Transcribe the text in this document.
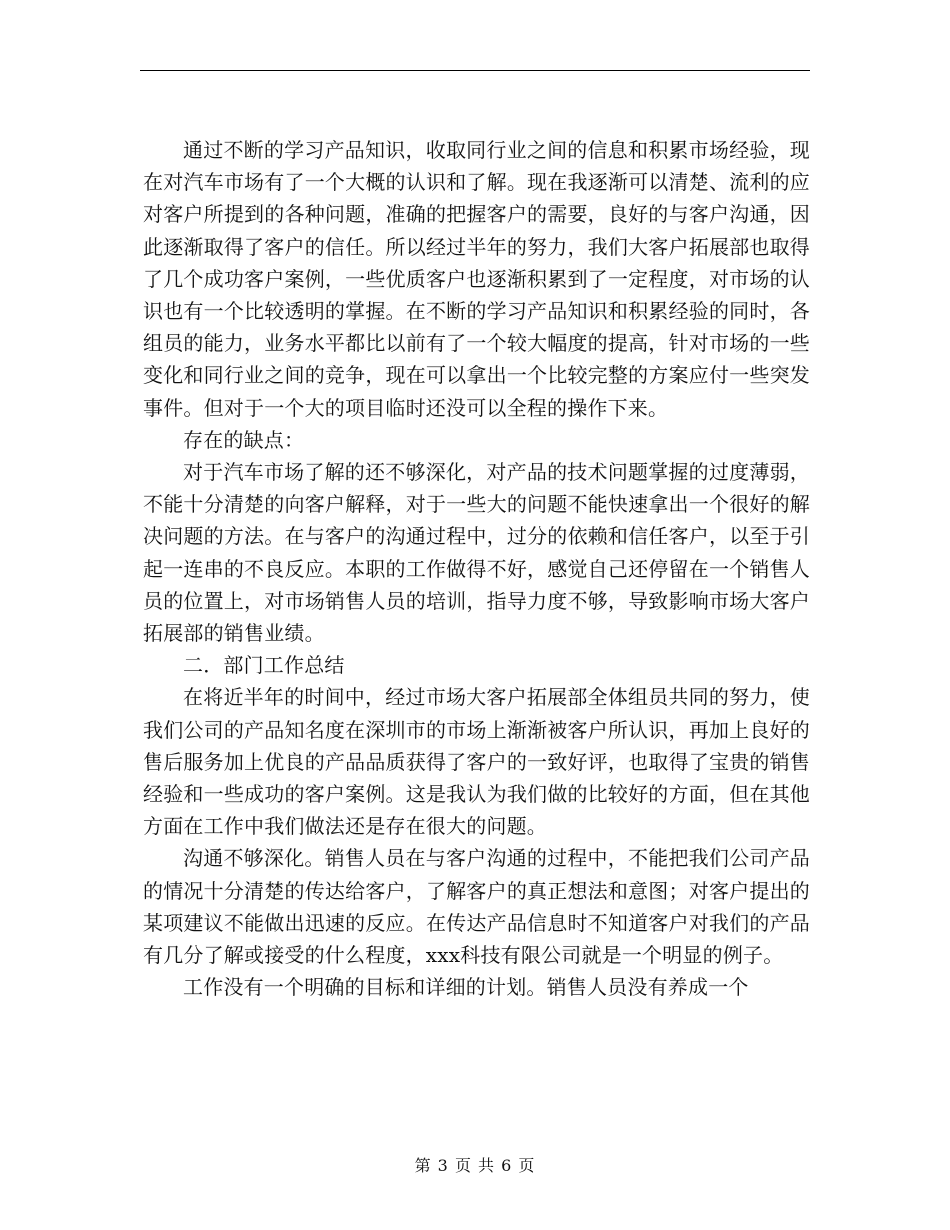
通过不断的学习产品知识，收取同行业之间的信息和积累市场经验，现在对汽车市场有了一个大概的认识和了解。现在我逐渐可以清楚、流利的应对客户所提到的各种问题，准确的把握客户的需要，良好的与客户沟通，因此逐渐取得了客户的信任。所以经过半年的努力，我们大客户拓展部也取得了几个成功客户案例，一些优质客户也逐渐积累到了一定程度，对市场的认识也有一个比较透明的掌握。在不断的学习产品知识和积累经验的同时，各组员的能力，业务水平都比以前有了一个较大幅度的提高，针对市场的一些变化和同行业之间的竞争，现在可以拿出一个比较完整的方案应付一些突发事件。但对于一个大的项目临时还没可以全程的操作下来。

存在的缺点：

对于汽车市场了解的还不够深化，对产品的技术问题掌握的过度薄弱，不能十分清楚的向客户解释，对于一些大的问题不能快速拿出一个很好的解决问题的方法。在与客户的沟通过程中，过分的依赖和信任客户，以至于引起一连串的不良反应。本职的工作做得不好，感觉自己还停留在一个销售人员的位置上，对市场销售人员的培训，指导力度不够，导致影响市场大客户拓展部的销售业绩。

二．部门工作总结

在将近半年的时间中，经过市场大客户拓展部全体组员共同的努力，使我们公司的产品知名度在深圳市的市场上渐渐被客户所认识，再加上良好的售后服务加上优良的产品品质获得了客户的一致好评，也取得了宝贵的销售经验和一些成功的客户案例。这是我认为我们做的比较好的方面，但在其他方面在工作中我们做法还是存在很大的问题。

沟通不够深化。销售人员在与客户沟通的过程中，不能把我们公司产品的情况十分清楚的传达给客户，了解客户的真正想法和意图；对客户提出的某项建议不能做出迅速的反应。在传达产品信息时不知道客户对我们的产品有几分了解或接受的什么程度，xxx科技有限公司就是一个明显的例子。

工作没有一个明确的目标和详细的计划。销售人员没有养成一个

第 3 页 共 6 页
